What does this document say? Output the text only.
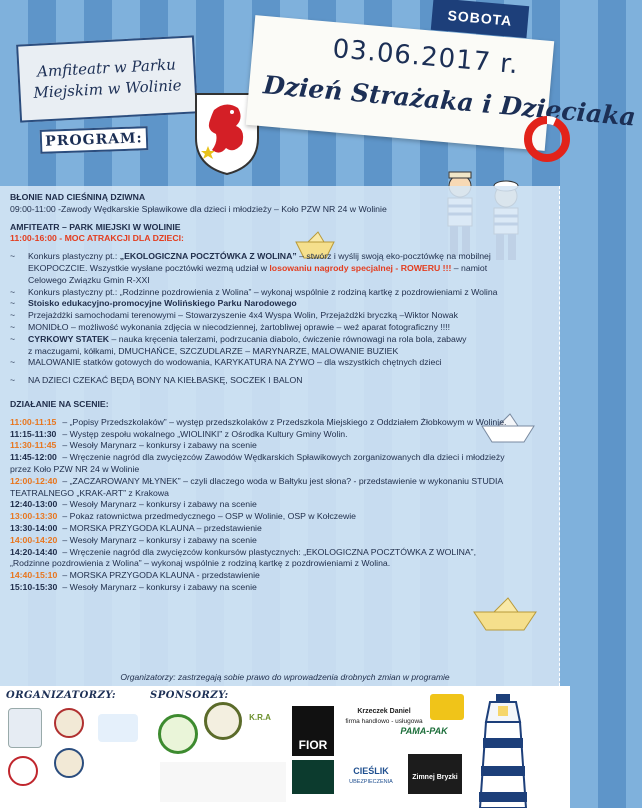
Amfiteatr w Parku Miejskim w Wolinie
PROGRAM:
03.06.2017 r.
Dzień Strażaka i Dzieciaka
SOBOTA
BŁONIE NAD CIEŚNINĄ DZIWNA
09:00-11:00 -Zawody Wędkarskie Spławikowe dla dzieci i młodzieży – Koło PZW NR 24 w Wolinie
AMFITEATR – PARK MIEJSKI W WOLINIE
11:00-16:00 - MOC ATRAKCJI DLA DZIECI:
~ Konkurs plastyczny pt.: „EKOLOGICZNA POCZTÓWKA Z WOLINA” – stwórz i wyślij swoją eko-pocztówkę na mobilnej
EKOPOCZCIE. Wszystkie wysłane pocztówki wezmą udział w losowaniu nagrody specjalnej - ROWERU !!! – namiot
Celowego Związku Gmin R-XXI
~ Konkurs plastyczny pt.: „Rodzinne pozdrowienia z Wolina” – wykonaj wspólnie z rodziną kartkę z pozdrowieniami z Wolina
~ Stoisko edukacyjno-promocyjne Wolińskiego Parku Narodowego
~ Przejażdżki samochodami terenowymi – Stowarzyszenie 4x4 Wyspa Wolin, Przejażdżki bryczką –Wiktor Nowak
~ MONIDŁO – możliwość wykonania zdjęcia w niecodziennej, żartobliwej oprawie – weź aparat fotograficzny !!!!
~ CYRKOWY STATEK – nauka kręcenia talerzami, podrzucania diabolo, ćwiczenie równowagi na rola bola, zabawy
z maczugami, kółkami, DMUCHAŃCE, SZCZUDLARZE – MARYNARZE, MALOWANIE BUZIEK
~ MALOWANIE statków gotowych do wodowania, KARYKATURA NA ŻYWO – dla wszystkich chętnych dzieci
~ NA DZIECI CZEKAĆ BĘDĄ BONY NA KIEŁBASKĘ, SOCZEK I BALON
DZIAŁANIE NA SCENIE:
11:00-11:15 – „Popisy Przedszkolaków” – występ przedszkolaków z Przedszkola Miejskiego z Oddziałem Żłobkowym w Wolinie.
11:15-11:30 – Występ zespołu wokalnego „WIOLINKI” z Ośrodka Kultury Gminy Wolin.
11:30-11:45 – Wesoły Marynarz – konkursy i zabawy na scenie
11:45-12:00 – Wręczenie nagród dla zwycięzców Zawodów Wędkarskich Spławikowych zorganizowanych dla dzieci i młodzieży
przez Koło PZW NR 24 w Wolinie
12:00-12:40 – „ZACZAROWANY MŁYNEK” – czyli dlaczego woda w Bałtyku jest słona? - przedstawienie w wykonaniu STUDIA
TEATRALNEGO „KRAK-ART” z Krakowa
12:40-13:00 – Wesoły Marynarz – konkursy i zabawy na scenie
13:00-13:30 – Pokaz ratownictwa przedmedycznego – OSP w Wolinie, OSP w Kołczewie
13:30-14:00 – MORSKA PRZYGODA KLAUNA – przedstawienie
14:00-14:20 – Wesoły Marynarz – konkursy i zabawy na scenie
14:20-14:40 – Wręczenie nagród dla zwycięzców konkursów plastycznych: „EKOLOGICZNA POCZTÓWKA Z WOLINA”,
„Rodzinne pozdrowienia z Wolina” – wykonaj wspólnie z rodziną kartkę z pozdrowieniami z Wolina.
14:40-15:10 – MORSKA PRZYGODA KLAUNA - przedstawienie
15:10-15:30 – Wesoły Marynarz – konkursy i zabawy na scenie
Organizatorzy: zastrzegają sobie prawo do wprowadzenia drobnych zmian w programie
ORGANIZATORZY:	SPONSORZY:
K.R.A
FIOR
Krzeczek Daniel
firma handlowo - usługowa
PAMA-PAK
CIEŚLIK
UBEZPIECZENIA
Zimnej Bryzki
